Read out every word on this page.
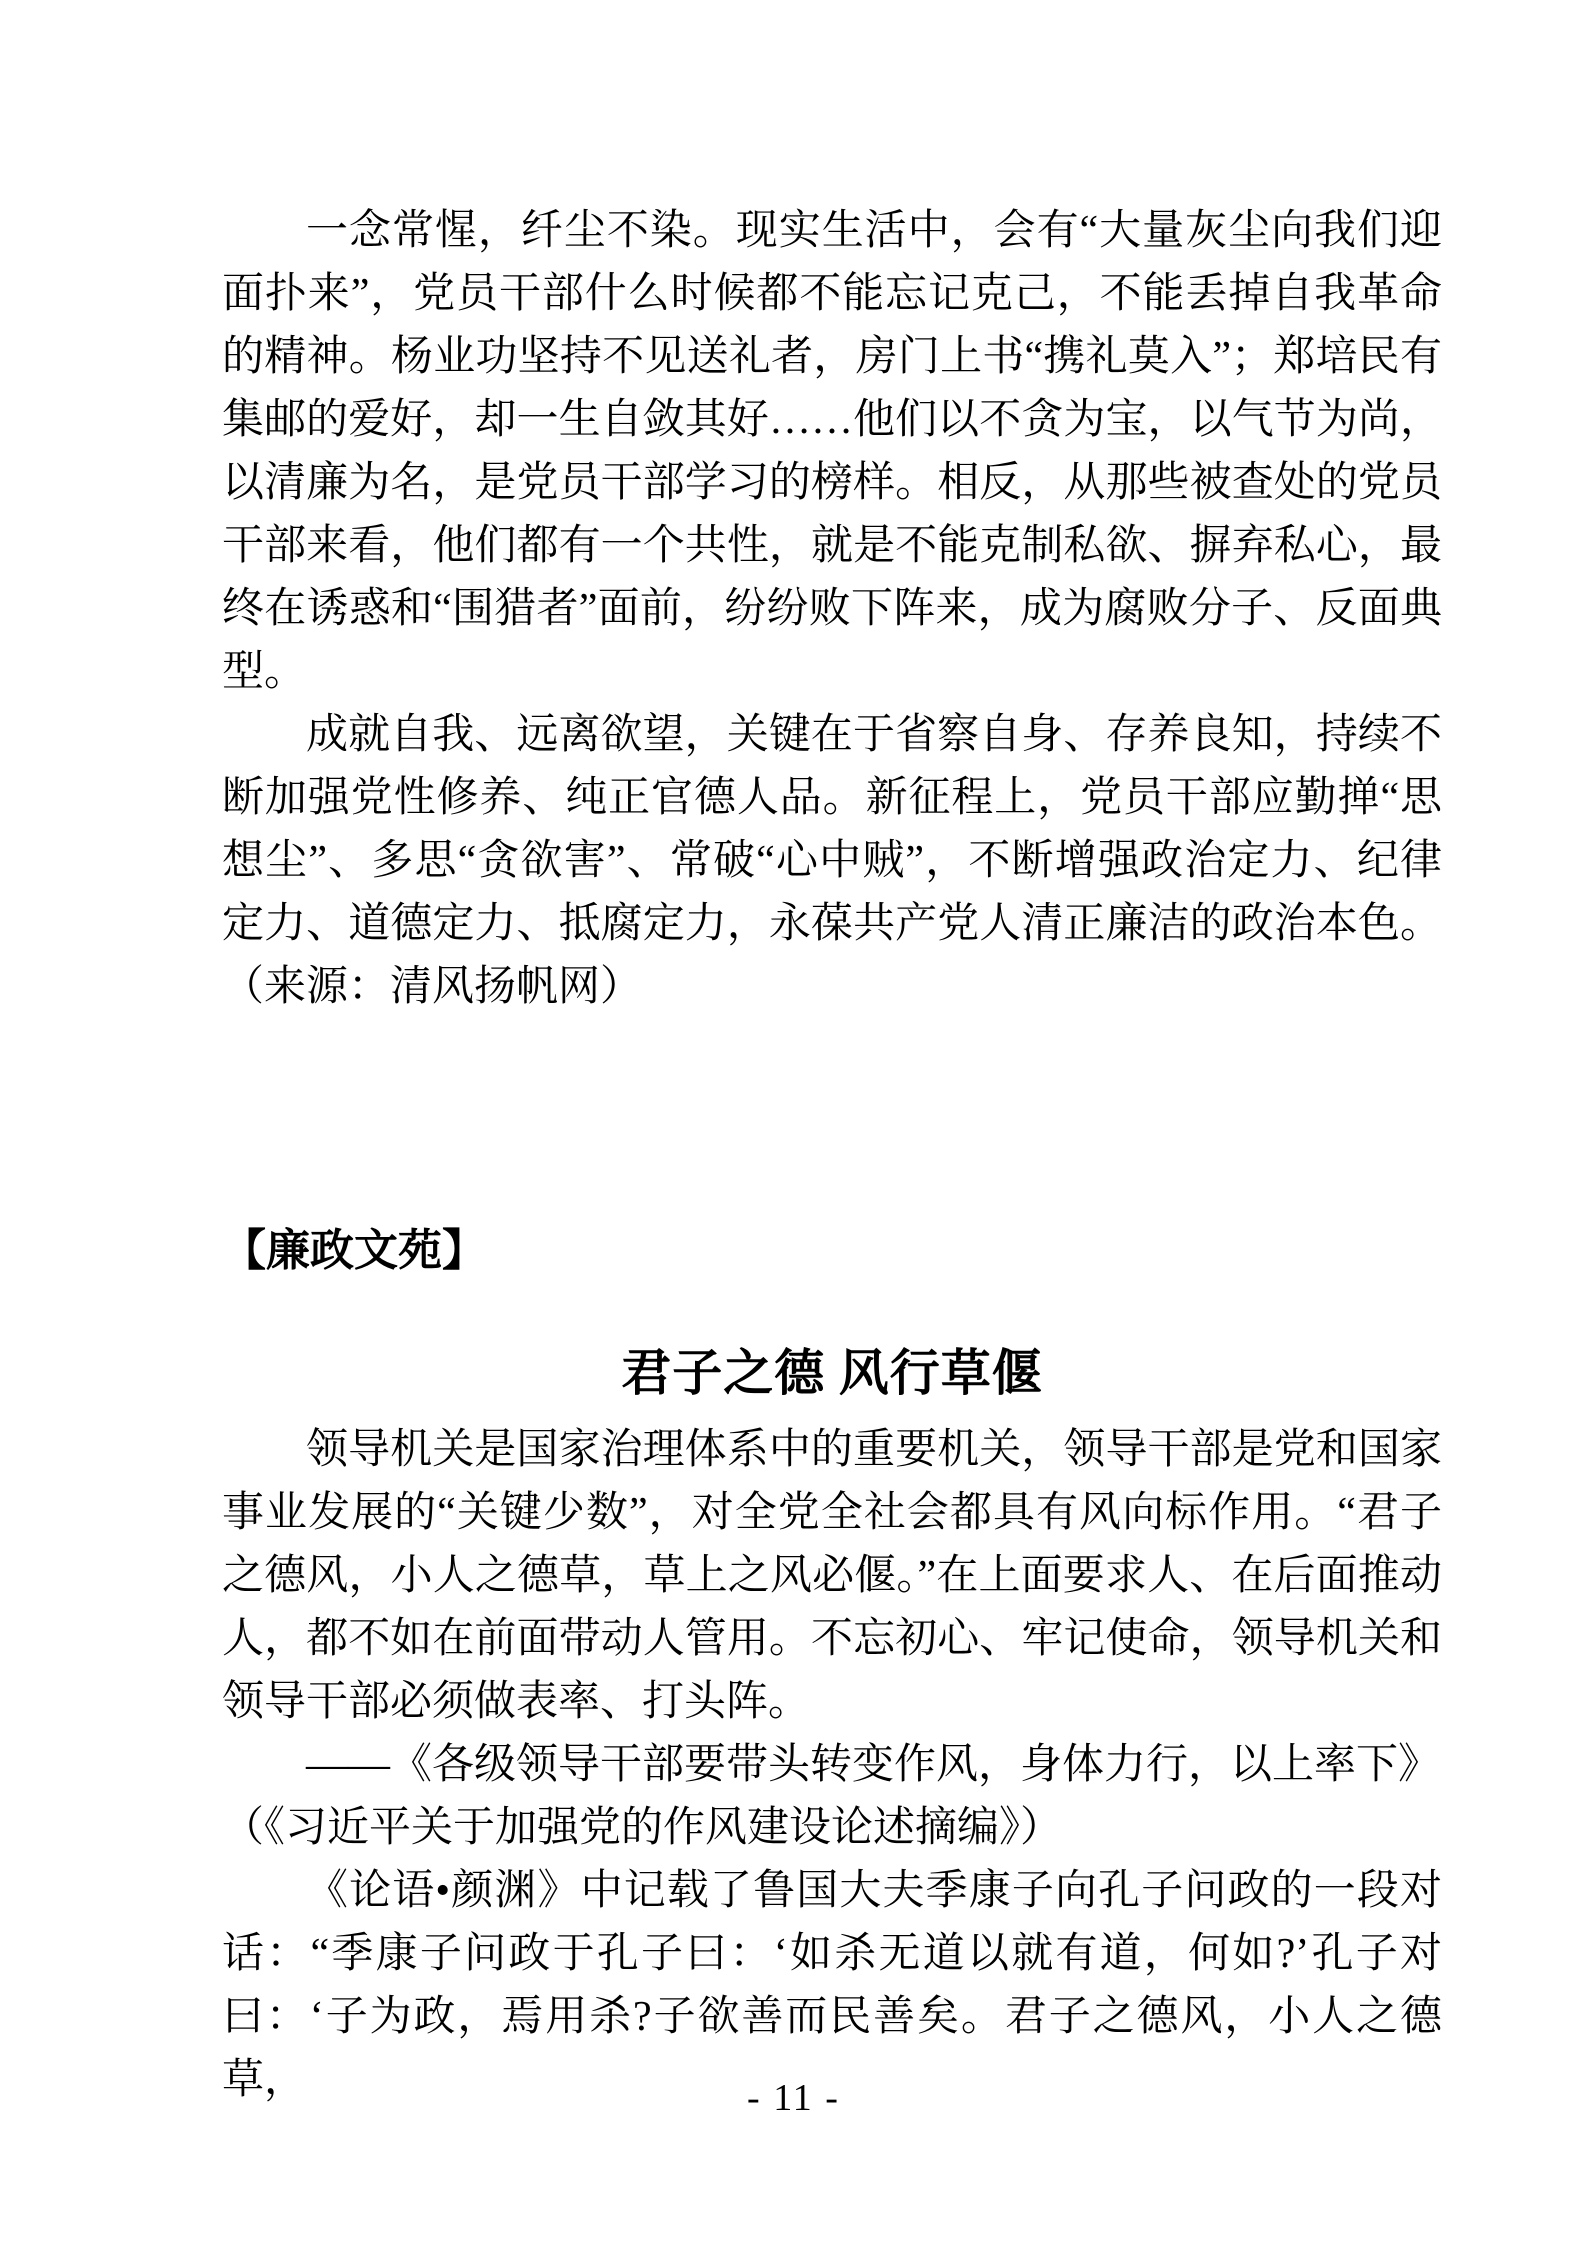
一念常惺，纤尘不染。现实生活中，会有“大量灰尘向我们迎面扑来”，党员干部什么时候都不能忘记克己，不能丢掉自我革命的精神。杨业功坚持不见送礼者，房门上书“携礼莫入”；郑培民有集邮的爱好，却一生自敛其好……他们以不贪为宝，以气节为尚，以清廉为名，是党员干部学习的榜样。相反，从那些被查处的党员干部来看，他们都有一个共性，就是不能克制私欲、摒弃私心，最终在诱惑和“围猎者”面前，纷纷败下阵来，成为腐败分子、反面典型。

成就自我、远离欲望，关键在于省察自身、存养良知，持续不断加强党性修养、纯正官德人品。新征程上，党员干部应勤掸“思想尘”、多思“贪欲害”、常破“心中贼”，不断增强政治定力、纪律定力、道德定力、抵腐定力，永葆共产党人清正廉洁的政治本色。（来源：清风扬帆网）

【廉政文苑】
君子之德 风行草偃

领导机关是国家治理体系中的重要机关，领导干部是党和国家事业发展的“关键少数”，对全党全社会都具有风向标作用。“君子之德风，小人之德草，草上之风必偃。”在上面要求人、在后面推动人，都不如在前面带动人管用。不忘初心、牢记使命，领导机关和领导干部必须做表率、打头阵。

——《各级领导干部要带头转变作风，身体力行，以上率下》

（《习近平关于加强党的作风建设论述摘编》）

《论语•颜渊》中记载了鲁国大夫季康子向孔子问政的一段对话：“季康子问政于孔子曰：‘如杀无道以就有道，何如?’孔子对曰：‘子为政，焉用杀?子欲善而民善矣。君子之德风，小人之德草，	- 11 -
